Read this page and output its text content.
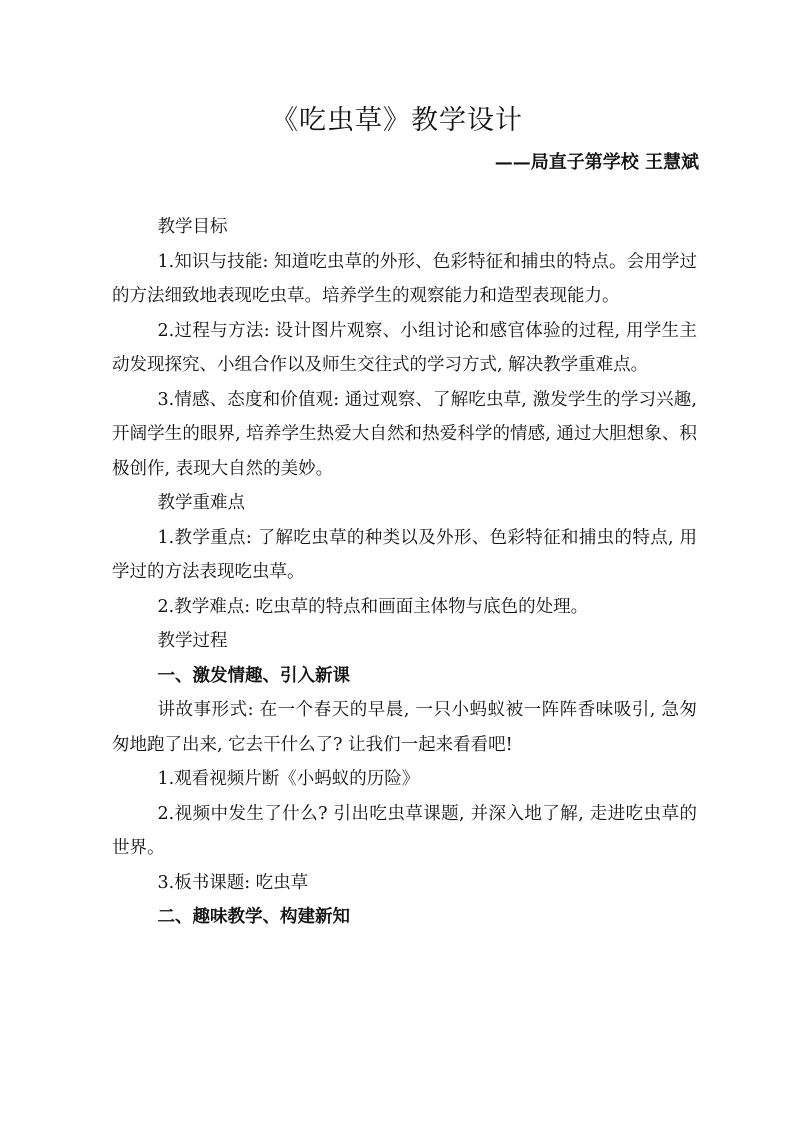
《吃虫草》教学设计
——局直子第学校 王慧斌

教学目标

1.知识与技能: 知道吃虫草的外形、色彩特征和捕虫的特点。会用学过的方法细致地表现吃虫草。培养学生的观察能力和造型表现能力。

2.过程与方法: 设计图片观察、小组讨论和感官体验的过程, 用学生主动发现探究、小组合作以及师生交往式的学习方式, 解决教学重难点。

3.情感、态度和价值观: 通过观察、了解吃虫草, 激发学生的学习兴趣, 开阔学生的眼界, 培养学生热爱大自然和热爱科学的情感, 通过大胆想象、积极创作, 表现大自然的美妙。

教学重难点

1.教学重点: 了解吃虫草的种类以及外形、色彩特征和捕虫的特点, 用学过的方法表现吃虫草。

2.教学难点: 吃虫草的特点和画面主体物与底色的处理。

教学过程

一、激发情趣、引入新课

讲故事形式: 在一个春天的早晨, 一只小蚂蚁被一阵阵香味吸引, 急匆匆地跑了出来, 它去干什么了? 让我们一起来看看吧!

1.观看视频片断《小蚂蚁的历险》

2.视频中发生了什么? 引出吃虫草课题, 并深入地了解, 走进吃虫草的世界。

3.板书课题: 吃虫草

二、趣味教学、构建新知
